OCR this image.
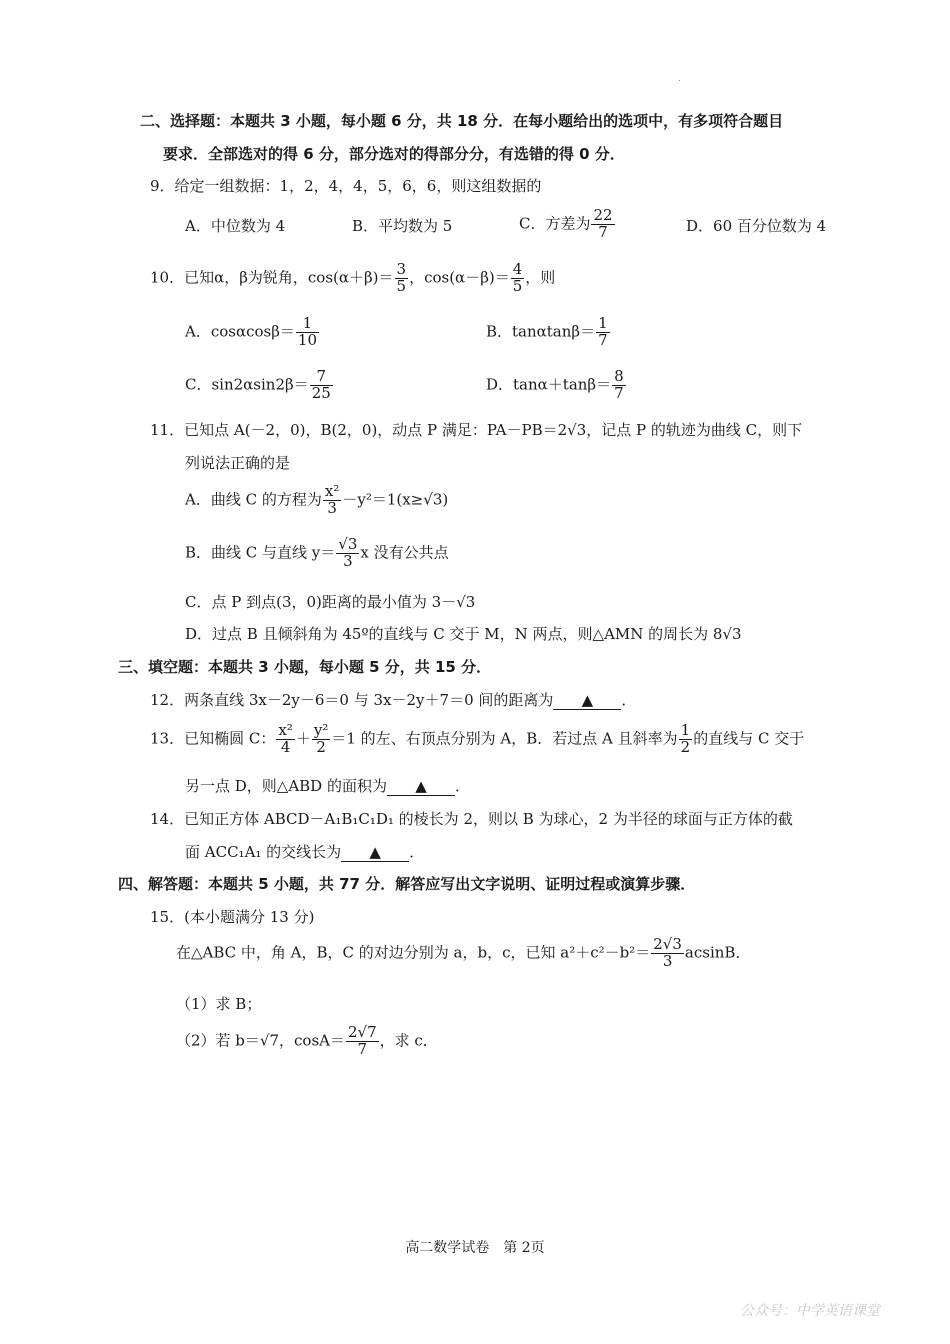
.
二、选择题：本题共 3 小题，每小题 6 分，共 18 分．在每小题给出的选项中，有多项符合题目
要求．全部选对的得 6 分，部分选对的得部分分，有选错的得 0 分．
9．给定一组数据：1，2，4，4，5，6，6，则这组数据的
A．中位数为 4	B．平均数为 5	C．方差为 $\frac{22}{7}$	D．60 百分位数为 4
10．已知α，β为锐角，$\cos(\alpha+\beta)= \frac{3}{5}$ ，$\cos(\alpha-\beta)= \frac{4}{5}$ ，则
A．$\cos\alpha\cos\beta= \frac{1}{10}$	B．$\tan\alpha\tan\beta= \frac{1}{7}$
C．$\sin 2\alpha\sin 2\beta= \frac{7}{25}$	D．$\tan\alpha+\tan\beta= \frac{8}{7}$
11．已知点 A(－2，0)，B(2，0)，动点 P 满足：PA－PB＝2√3，记点 P 的轨迹为曲线 C，则下
列说法正确的是
A．曲线 C 的方程为 $\frac{\text{x²}}{3} -y^2=1(x\ge√3)$
B．曲线 C 与直线 $y= \frac{√3}{3}$ x 没有公共点
C．点 P 到点(3，0)距离的最小值为 3－√3
D．过点 B 且倾斜角为 45º的直线与 C 交于 M，N 两点，则△AMN 的周长为 8√3
三、填空题：本题共 3 小题，每小题 5 分，共 15 分．
12．两条直线 3x－2y－6＝0 与 3x－2y＋7＝0 间的距离为 ▲ ．
13．已知椭圆 C： $\frac{\text{x²}}{4} + \frac{\text{y²}}{2} =1$ 的左、右顶点分别为 A，B．若过点 A 且斜率为 $\frac{1}{2}$ 的直线与 C 交于
另一点 D，则△ABD 的面积为 ▲ ．
14．已知正方体 ABCD－A₁B₁C₁D₁ 的棱长为 2，则以 B 为球心，2 为半径的球面与正方体的截
面 ACC₁A₁ 的交线长为 ▲ ．
四、解答题：本题共 5 小题，共 77 分．解答应写出文字说明、证明过程或演算步骤．
15．(本小题满分 13 分)
在△ABC 中，角 A，B，C 的对边分别为 a，b，c，已知 $a^2+c^2-b^2= \frac{2√3}{3}$ acsinB．
（1）求 B；
（2）若 b＝√7，$\cos A= \frac{2√7}{7}$ ，求 c．
高二数学试卷　第 2页
公众号：中学英语课堂
